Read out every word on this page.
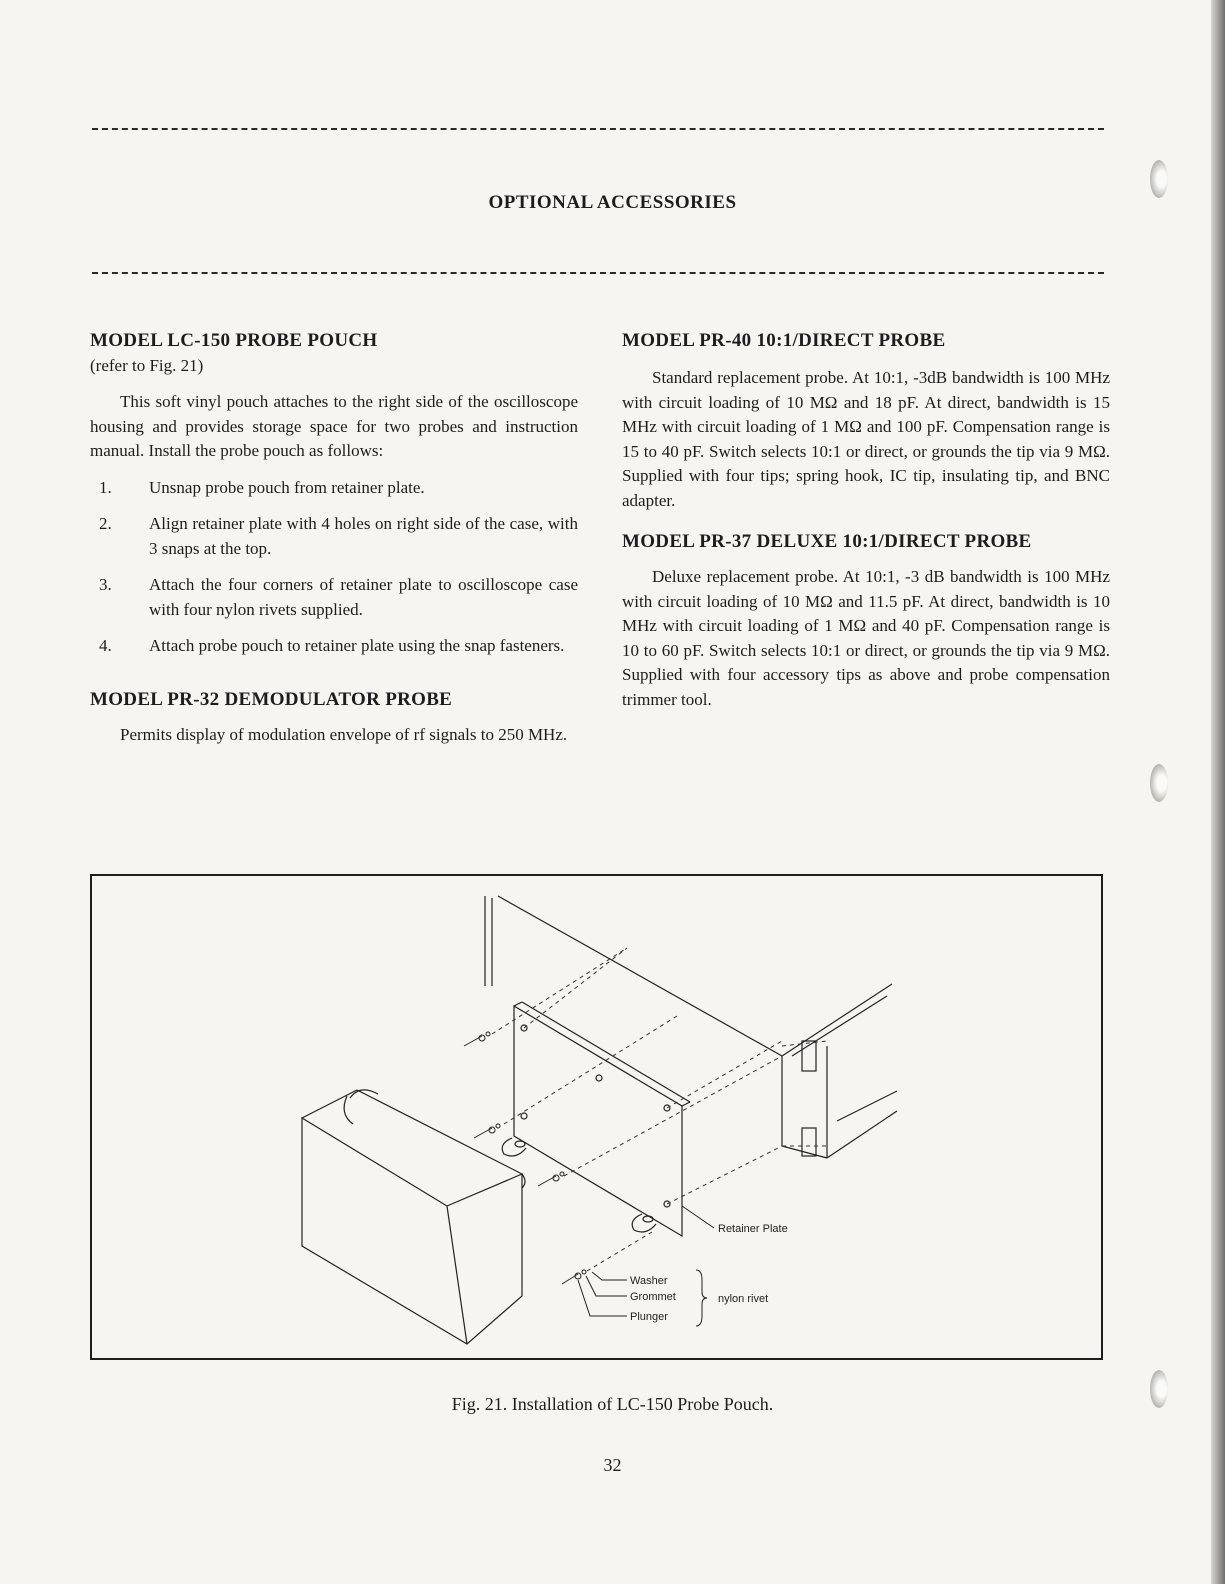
OPTIONAL ACCESSORIES
MODEL LC-150 PROBE POUCH
(refer to Fig. 21)

This soft vinyl pouch attaches to the right side of the oscilloscope housing and provides storage space for two probes and instruction manual. Install the probe pouch as follows:

1. Unsnap probe pouch from retainer plate.
2. Align retainer plate with 4 holes on right side of the case, with 3 snaps at the top.
3. Attach the four corners of retainer plate to oscilloscope case with four nylon rivets supplied.
4. Attach probe pouch to retainer plate using the snap fasteners.
MODEL PR-32 DEMODULATOR PROBE

Permits display of modulation envelope of rf signals to 250 MHz.

MODEL PR-40 10:1/DIRECT PROBE

Standard replacement probe. At 10:1, -3dB bandwidth is 100 MHz with circuit loading of 10 MΩ and 18 pF. At direct, bandwidth is 15 MHz with circuit loading of 1 MΩ and 100 pF. Compensation range is 15 to 40 pF. Switch selects 10:1 or direct, or grounds the tip via 9 MΩ. Supplied with four tips; spring hook, IC tip, insulating tip, and BNC adapter.

MODEL PR-37 DELUXE 10:1/DIRECT PROBE

Deluxe replacement probe. At 10:1, -3 dB bandwidth is 100 MHz with circuit loading of 10 MΩ and 11.5 pF. At direct, bandwidth is 10 MHz with circuit loading of 1 MΩ and 40 pF. Compensation range is 10 to 60 pF. Switch selects 10:1 or direct, or grounds the tip via 9 MΩ. Supplied with four accessory tips as above and probe compensation trimmer tool.

Retainer Plate
Washer
Grommet
Plunger
nylon rivet
Fig. 21. Installation of LC-150 Probe Pouch.
32
